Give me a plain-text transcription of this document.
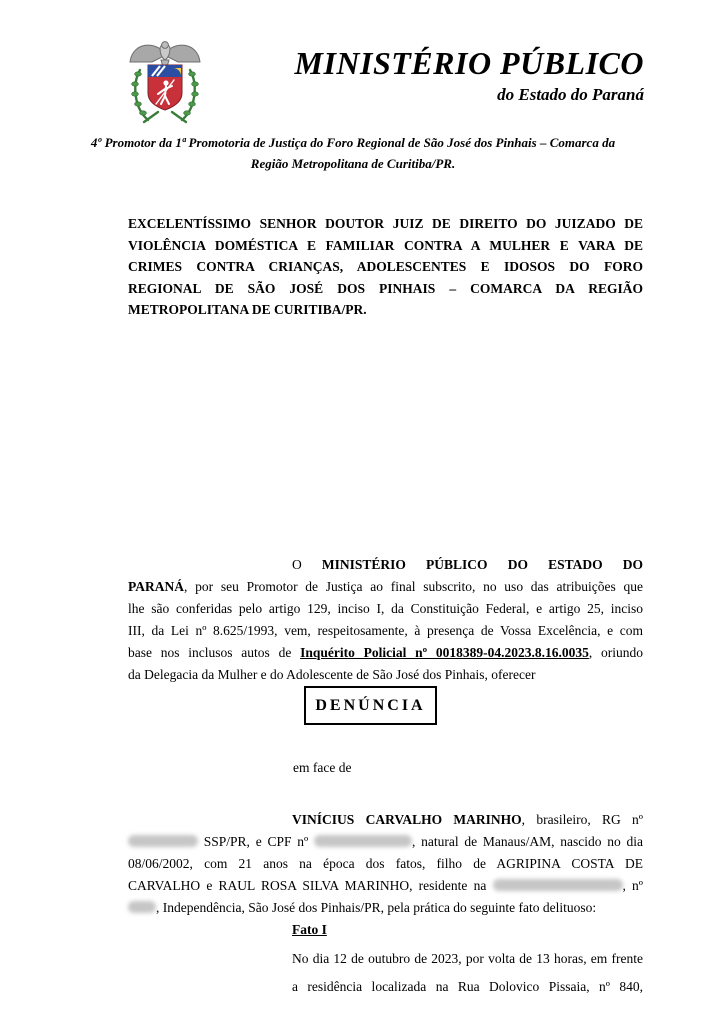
MINISTÉRIO PÚBLICO
do Estado do Paraná
4º Promotor da 1ª Promotoria de Justiça do Foro Regional de São José dos Pinhais – Comarca da
Região Metropolitana de Curitiba/PR.
EXCELENTÍSSIMO SENHOR DOUTOR JUIZ DE DIREITO DO JUIZADO DE
VIOLÊNCIA DOMÉSTICA E FAMILIAR CONTRA A MULHER E VARA DE
CRIMES CONTRA CRIANÇAS, ADOLESCENTES E IDOSOS DO FORO
REGIONAL DE SÃO JOSÉ DOS PINHAIS – COMARCA DA REGIÃO
METROPOLITANA DE CURITIBA/PR.
O MINISTÉRIO PÚBLICO DO ESTADO DO
PARANÁ, por seu Promotor de Justiça ao final subscrito, no uso das atribuições que
lhe são conferidas pelo artigo 129, inciso I, da Constituição Federal, e artigo 25, inciso
III, da Lei nº 8.625/1993, vem, respeitosamente, à presença de Vossa Excelência, e com
base nos inclusos autos de Inquérito Policial nº 0018389-04.2023.8.16.0035, oriundo
da Delegacia da Mulher e do Adolescente de São José dos Pinhais, oferecer
DENÚNCIA
em face de
VINÍCIUS CARVALHO MARINHO, brasileiro, RG nº
SSP/PR, e CPF nº	, natural de Manaus/AM, nascido no dia
08/06/2002, com 21 anos na época dos fatos, filho de AGRIPINA COSTA DE
CARVALHO e RAUL ROSA SILVA MARINHO, residente na	, nº
, Independência, São José dos Pinhais/PR, pela prática do seguinte fato delituoso:
Fato I
No dia 12 de outubro de 2023, por volta de 13 horas, em frente
a residência localizada na Rua Dolovico Pissaia, nº 840,
